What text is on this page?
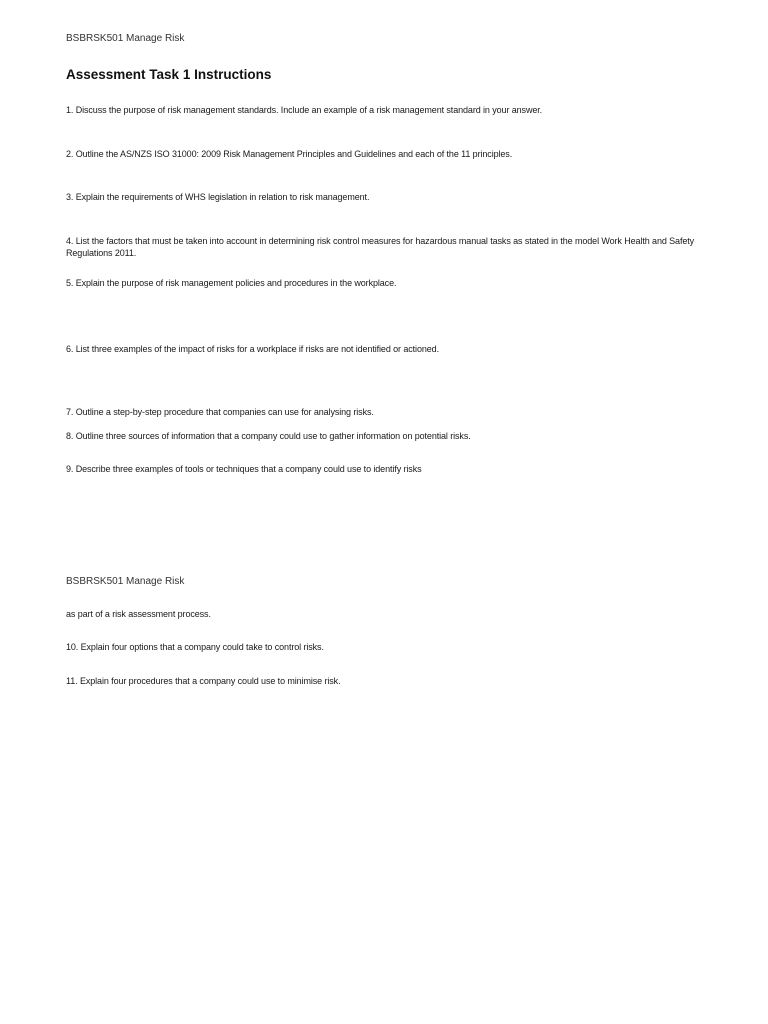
BSBRSK501 Manage Risk

Assessment Task 1 Instructions

1. Discuss the purpose of risk management standards. Include an example of a risk management standard in your answer.

2. Outline the AS/NZS ISO 31000: 2009 Risk Management Principles and Guidelines and each of the 11 principles.

3. Explain the requirements of WHS legislation in relation to risk management.

4. List the factors that must be taken into account in determining risk control measures for hazardous manual tasks as stated in the model Work Health and Safety Regulations 2011.

5. Explain the purpose of risk management policies and procedures in the workplace.

6. List three examples of the impact of risks for a workplace if risks are not identified or actioned.

7. Outline a step-by-step procedure that companies can use for analysing risks.

8. Outline three sources of information that a company could use to gather information on potential risks.

9. Describe three examples of tools or techniques that a company could use to identify risks

BSBRSK501 Manage Risk

as part of a risk assessment process.

10. Explain four options that a company could take to control risks.

11. Explain four procedures that a company could use to minimise risk.
